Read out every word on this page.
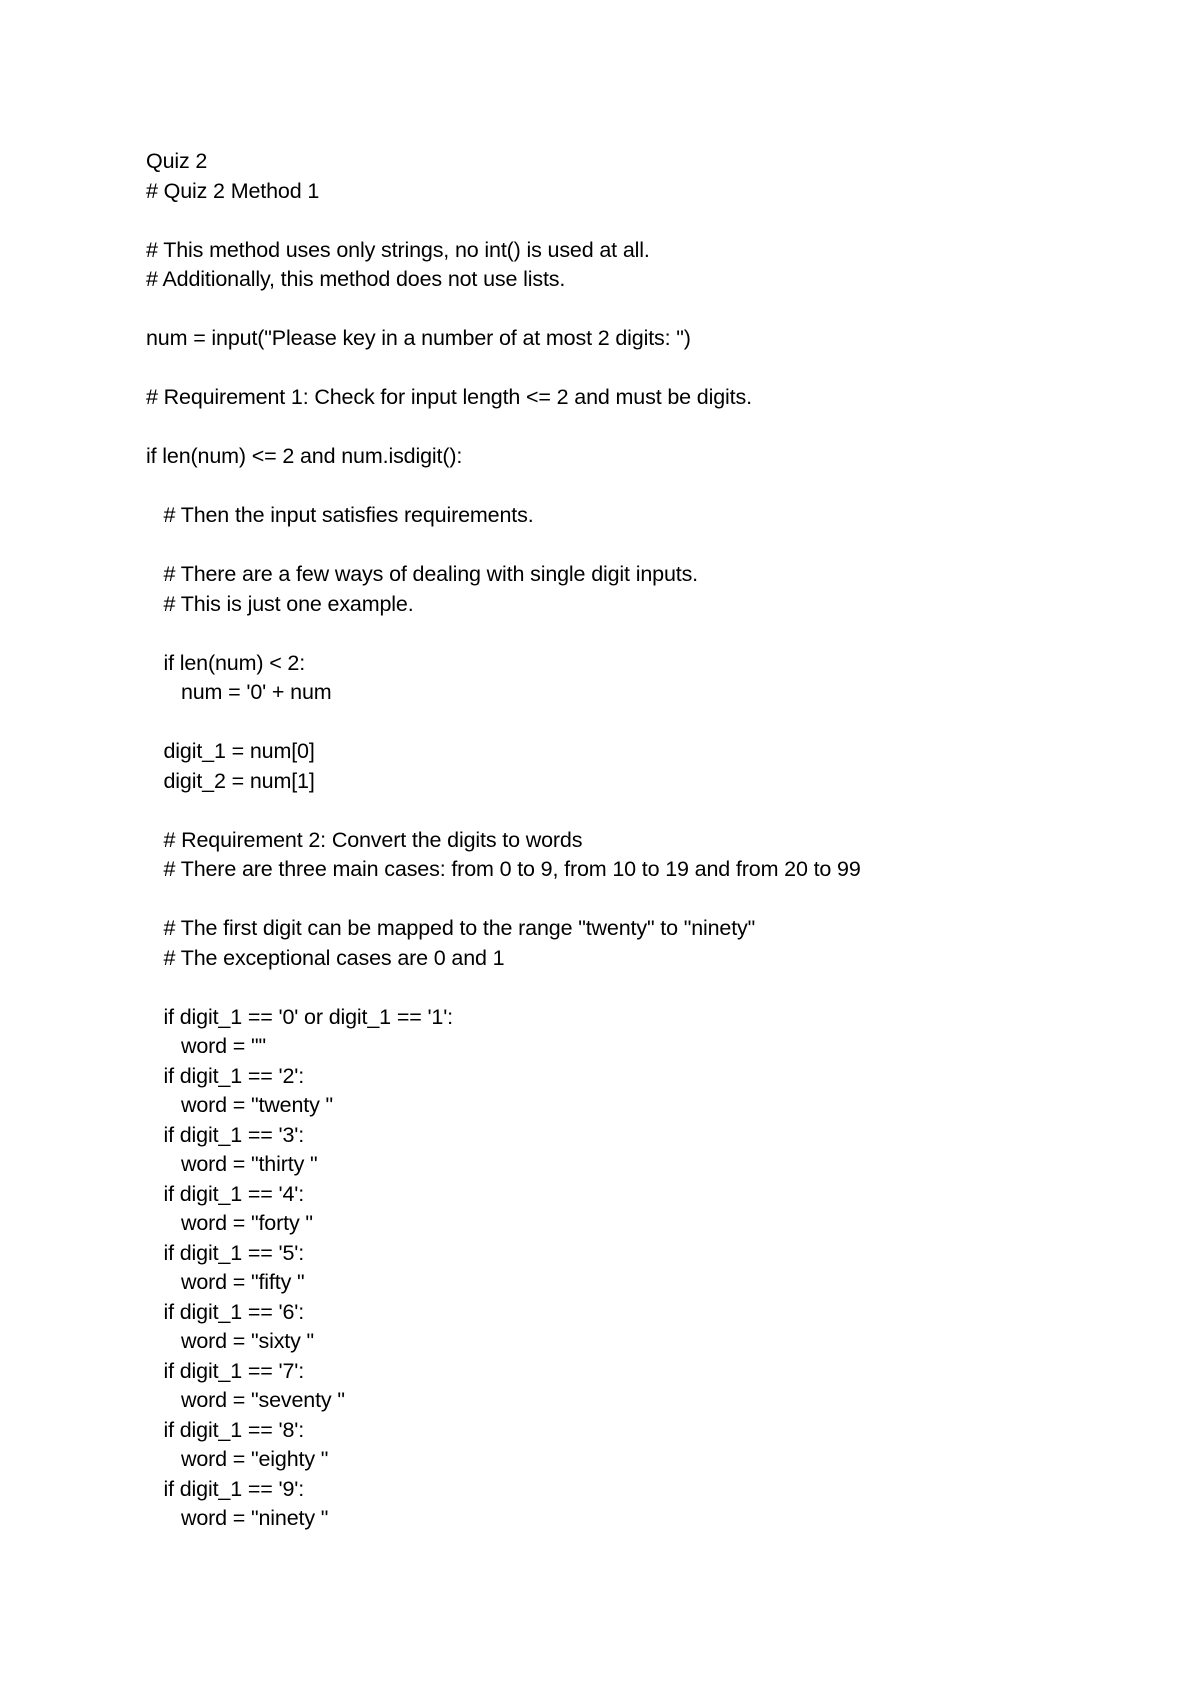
Quiz 2
# Quiz 2 Method 1
# This method uses only strings, no int() is used at all.
# Additionally, this method does not use lists.
num = input("Please key in a number of at most 2 digits: ")
# Requirement 1: Check for input length <= 2 and must be digits.
if len(num) <= 2 and num.isdigit():
# Then the input satisfies requirements.
# There are a few ways of dealing with single digit inputs.
# This is just one example.
if len(num) < 2:
num = '0' + num
digit_1 = num[0]
digit_2 = num[1]
# Requirement 2: Convert the digits to words
# There are three main cases: from 0 to 9, from 10 to 19 and from 20 to 99
# The first digit can be mapped to the range "twenty" to "ninety"
# The exceptional cases are 0 and 1
if digit_1 == '0' or digit_1 == '1':
word = ""
if digit_1 == '2':
word = "twenty "
if digit_1 == '3':
word = "thirty "
if digit_1 == '4':
word = "forty "
if digit_1 == '5':
word = "fifty "
if digit_1 == '6':
word = "sixty "
if digit_1 == '7':
word = "seventy "
if digit_1 == '8':
word = "eighty "
if digit_1 == '9':
word = "ninety "
